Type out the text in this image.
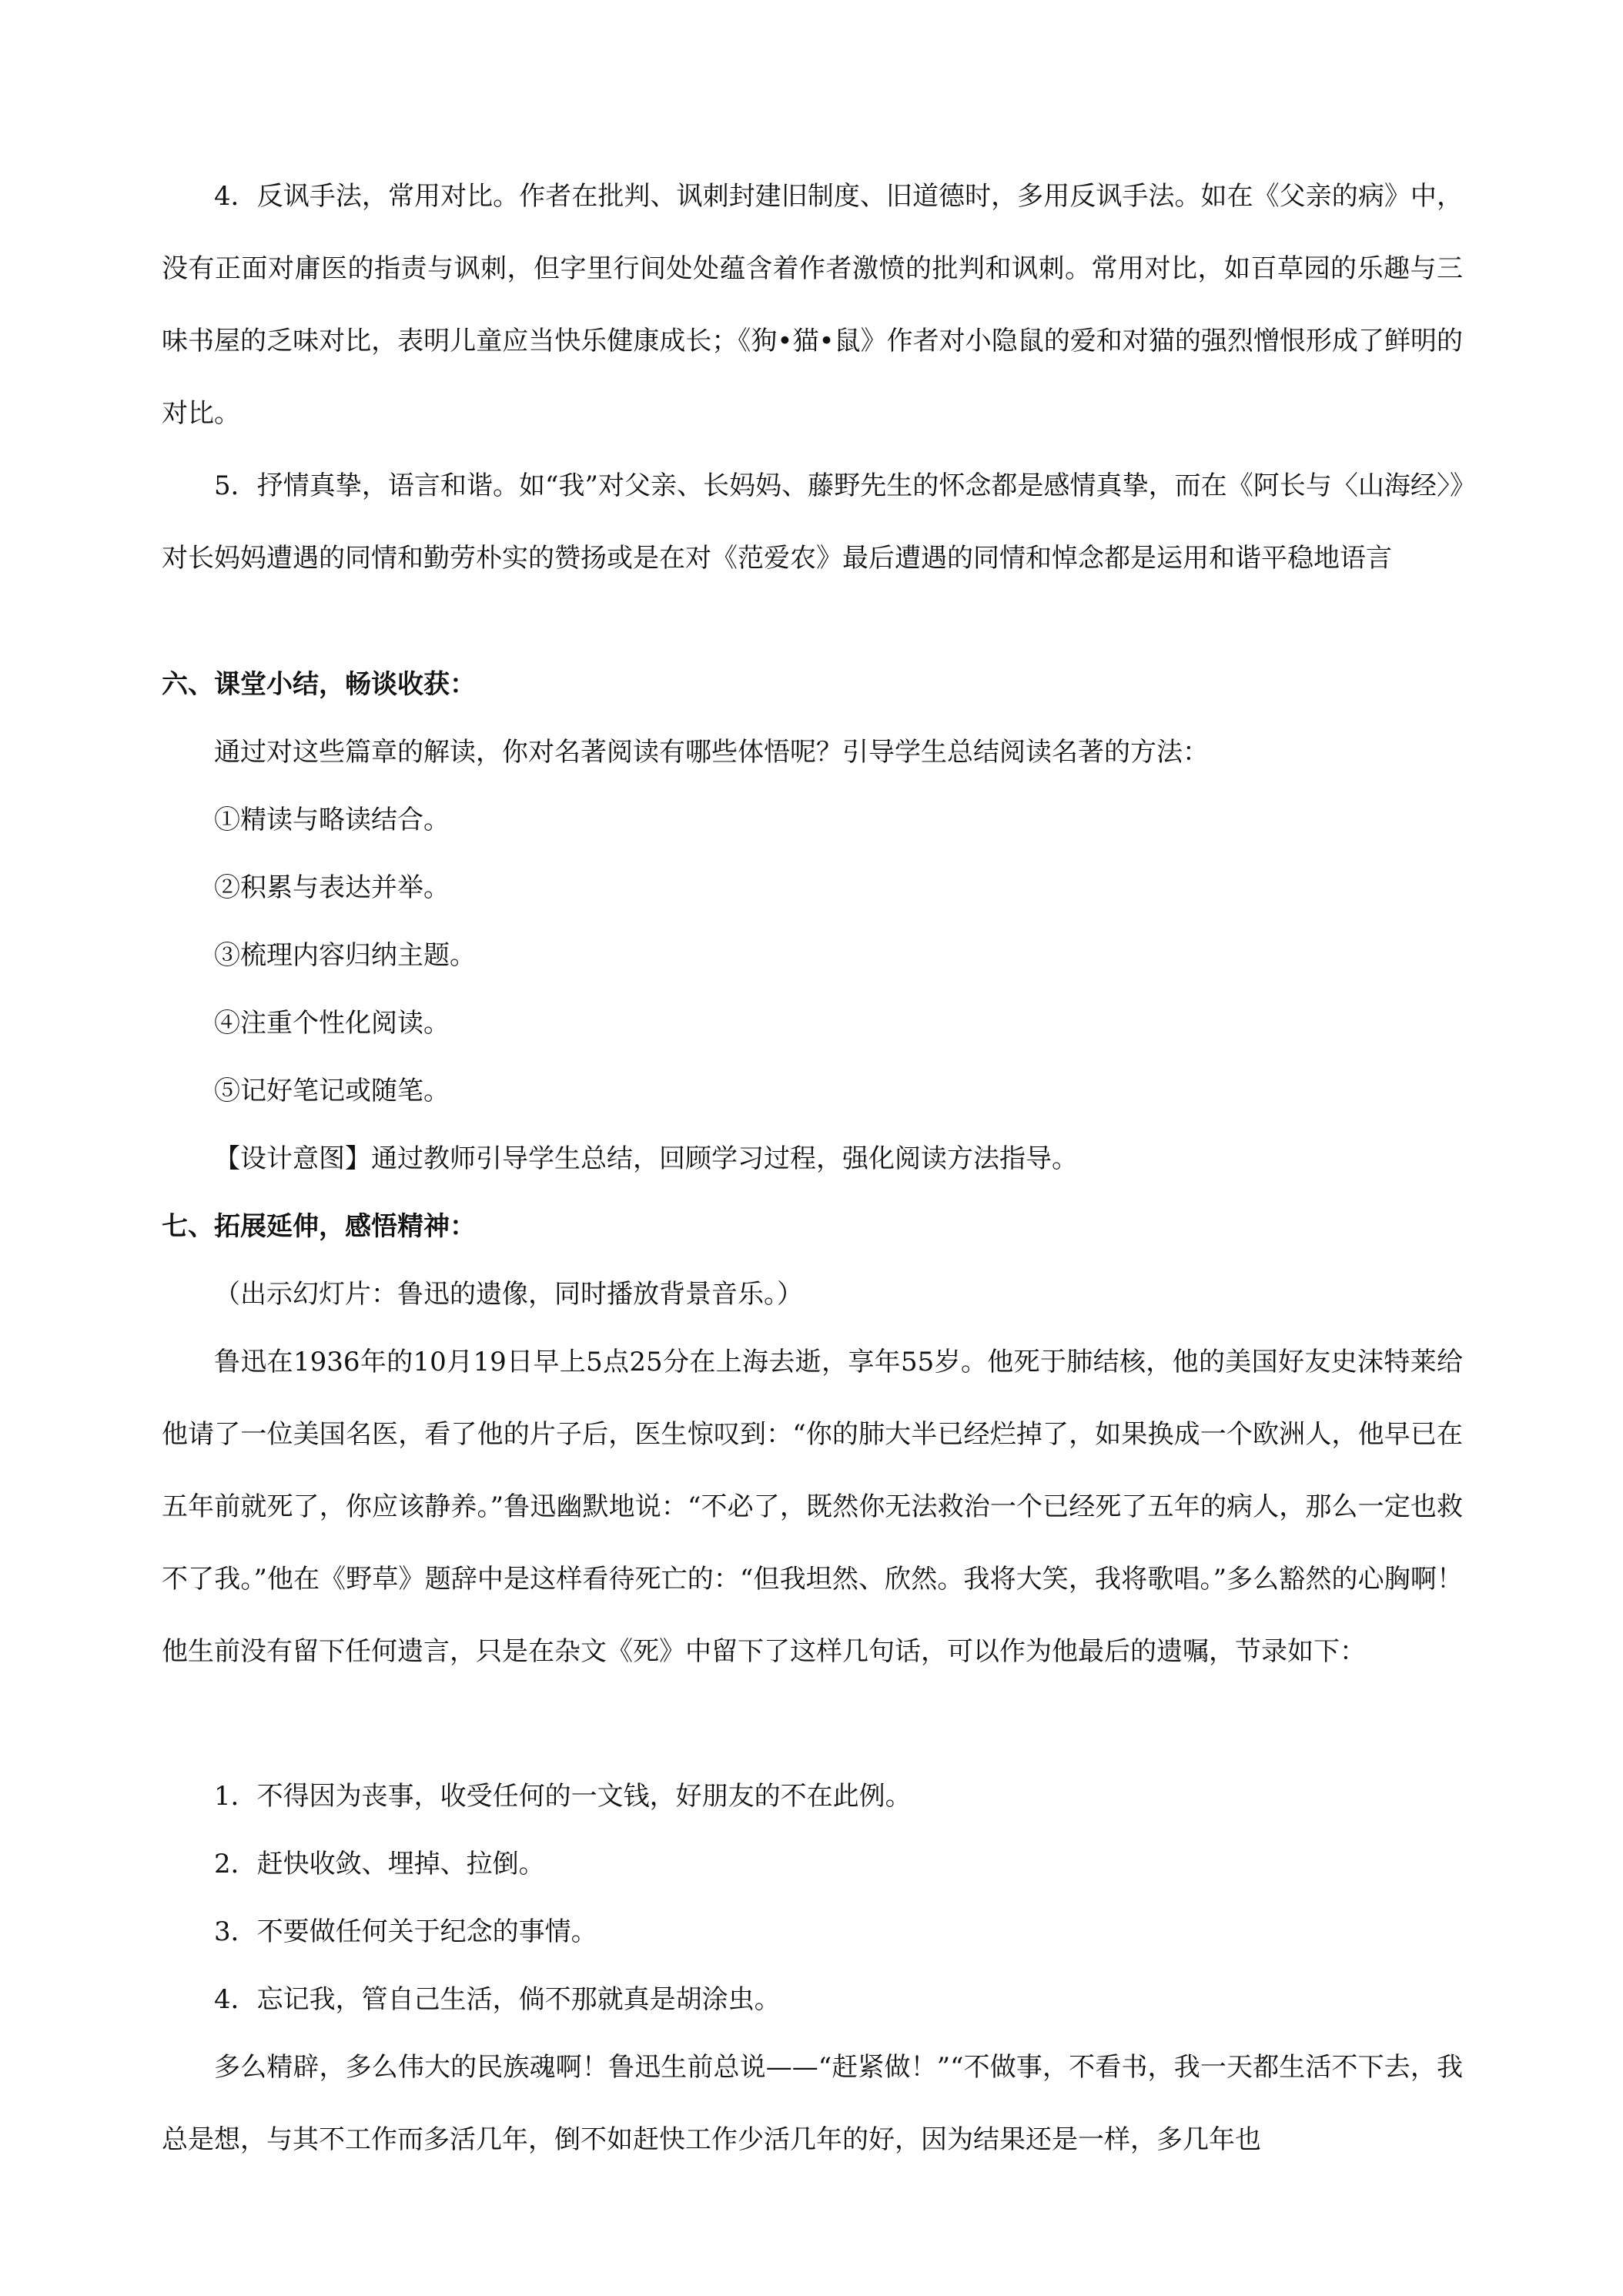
4．反讽手法，常用对比。作者在批判、讽刺封建旧制度、旧道德时，多用反讽手法。如在《父亲的病》中，没有正面对庸医的指责与讽刺，但字里行间处处蕴含着作者激愤的批判和讽刺。常用对比，如百草园的乐趣与三味书屋的乏味对比，表明儿童应当快乐健康成长；《狗•猫•鼠》作者对小隐鼠的爱和对猫的强烈憎恨形成了鲜明的对比。

5．抒情真挚，语言和谐。如“我”对父亲、长妈妈、藤野先生的怀念都是感情真挚，而在《阿长与〈山海经〉》对长妈妈遭遇的同情和勤劳朴实的赞扬或是在对《范爱农》最后遭遇的同情和悼念都是运用和谐平稳地语言

六、课堂小结，畅谈收获：

通过对这些篇章的解读，你对名著阅读有哪些体悟呢？引导学生总结阅读名著的方法：

①精读与略读结合。

②积累与表达并举。

③梳理内容归纳主题。

④注重个性化阅读。

⑤记好笔记或随笔。

【设计意图】通过教师引导学生总结，回顾学习过程，强化阅读方法指导。

七、拓展延伸，感悟精神：

（出示幻灯片：鲁迅的遗像，同时播放背景音乐。）

鲁迅在1936年的10月19日早上5点25分在上海去逝，享年55岁。他死于肺结核，他的美国好友史沫特莱给他请了一位美国名医，看了他的片子后，医生惊叹到：“你的肺大半已经烂掉了，如果换成一个欧洲人，他早已在五年前就死了，你应该静养。”鲁迅幽默地说：“不必了，既然你无法救治一个已经死了五年的病人，那么一定也救不了我。”他在《野草》题辞中是这样看待死亡的：“但我坦然、欣然。我将大笑，我将歌唱。”多么豁然的心胸啊！他生前没有留下任何遗言，只是在杂文《死》中留下了这样几句话，可以作为他最后的遗嘱，节录如下：

1．不得因为丧事，收受任何的一文钱，好朋友的不在此例。

2．赶快收敛、埋掉、拉倒。

3．不要做任何关于纪念的事情。

4．忘记我，管自己生活，倘不那就真是胡涂虫。

多么精辟，多么伟大的民族魂啊！鲁迅生前总说——“赶紧做！”“不做事，不看书，我一天都生活不下去，我总是想，与其不工作而多活几年，倒不如赶快工作少活几年的好，因为结果还是一样，多几年也
